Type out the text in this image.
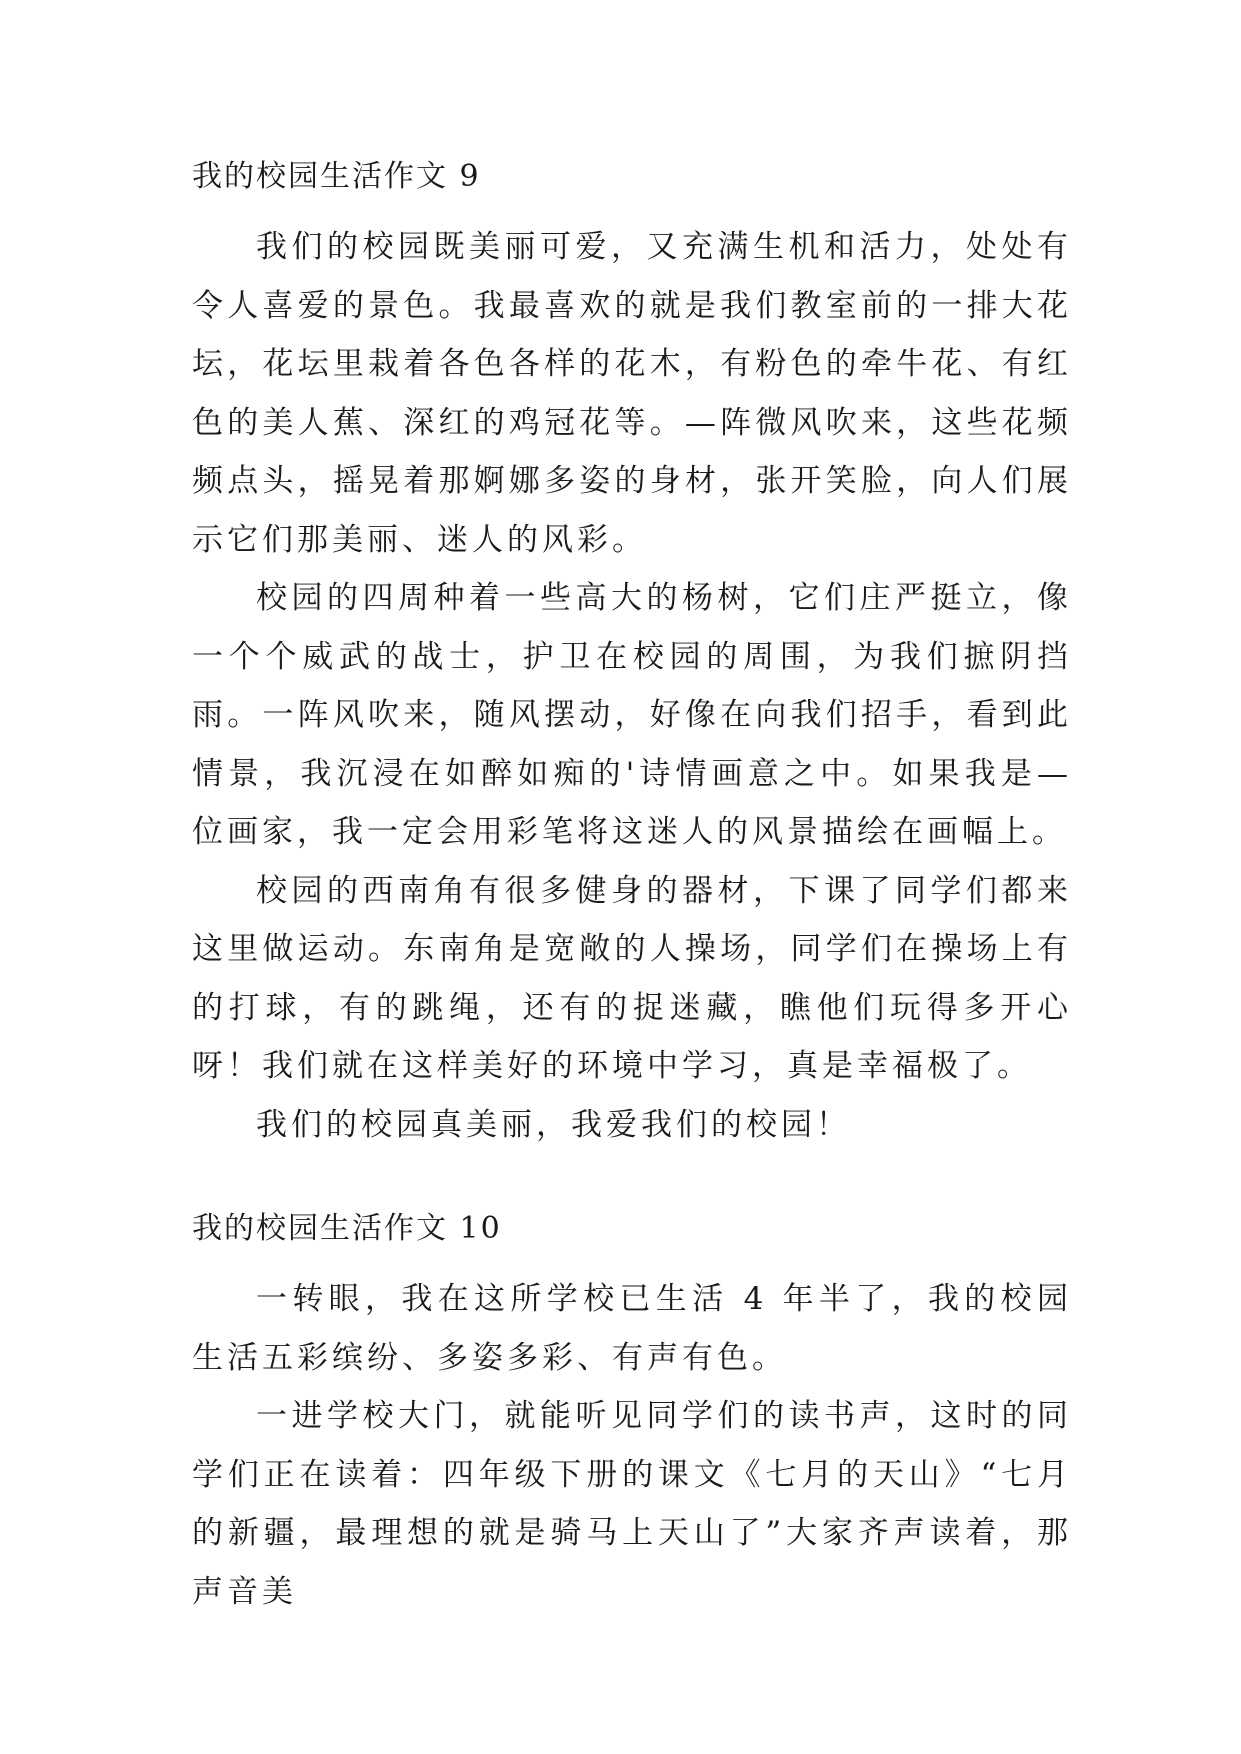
我的校园生活作文 9

我们的校园既美丽可爱，又充满生机和活力，处处有令人喜爱的景色。我最喜欢的就是我们教室前的一排大花坛，花坛里栽着各色各样的花木，有粉色的牵牛花、有红色的美人蕉、深红的鸡冠花等。—阵微风吹来，这些花频频点头，摇晃着那婀娜多姿的身材，张开笑脸，向人们展示它们那美丽、迷人的风彩。

校园的四周种着一些高大的杨树，它们庄严挺立，像一个个威武的战士，护卫在校园的周围，为我们摭阴挡雨。一阵风吹来，随风摆动，好像在向我们招手，看到此情景，我沉浸在如醉如痴的'诗情画意之中。如果我是—位画家，我一定会用彩笔将这迷人的风景描绘在画幅上。

校园的西南角有很多健身的器材，下课了同学们都来这里做运动。东南角是宽敞的人操场，同学们在操场上有的打球，有的跳绳，还有的捉迷藏，瞧他们玩得多开心呀！我们就在这样美好的环境中学习，真是幸福极了。

我们的校园真美丽，我爱我们的校园！

我的校园生活作文 10

一转眼，我在这所学校已生活 4 年半了，我的校园生活五彩缤纷、多姿多彩、有声有色。

一进学校大门，就能听见同学们的读书声，这时的同学们正在读着：四年级下册的课文《七月的天山》“七月的新疆，最理想的就是骑马上天山了”大家齐声读着，那声音美
